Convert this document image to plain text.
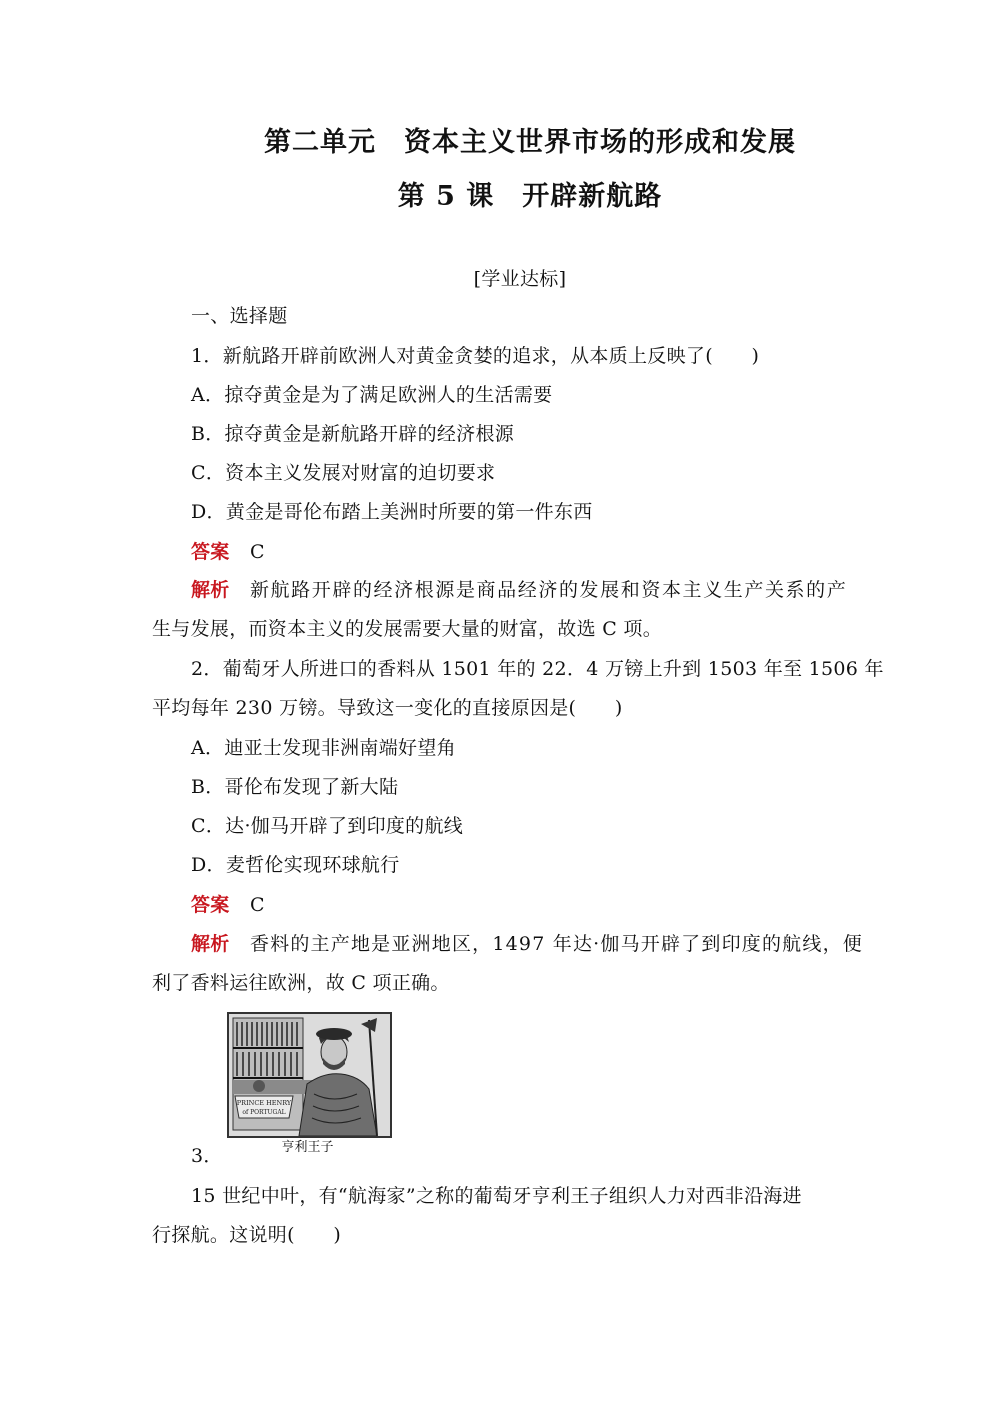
第二单元　资本主义世界市场的形成和发展
第 5 课　开辟新航路
[学业达标]
一、选择题
1．新航路开辟前欧洲人对黄金贪婪的追求，从本质上反映了(　　)
A．掠夺黄金是为了满足欧洲人的生活需要
B．掠夺黄金是新航路开辟的经济根源
C．资本主义发展对财富的迫切要求
D．黄金是哥伦布踏上美洲时所要的第一件东西
答案 C
解析 新航路开辟的经济根源是商品经济的发展和资本主义生产关系的产
生与发展，而资本主义的发展需要大量的财富，故选 C 项。
2．葡萄牙人所进口的香料从 1501 年的 22．4 万镑上升到 1503 年至 1506 年
平均每年 230 万镑。导致这一变化的直接原因是(　　)
A．迪亚士发现非洲南端好望角
B．哥伦布发现了新大陆
C．达·伽马开辟了到印度的航线
D．麦哲伦实现环球航行
答案 C
解析 香料的主产地是亚洲地区，1497 年达·伽马开辟了到印度的航线，便
利了香料运往欧洲，故 C 项正确。
PRINCE HENRY
of PORTUGAL
亨利王子
3．
15 世纪中叶，有“航海家”之称的葡萄牙亨利王子组织人力对西非沿海进
行探航。这说明(　　)
